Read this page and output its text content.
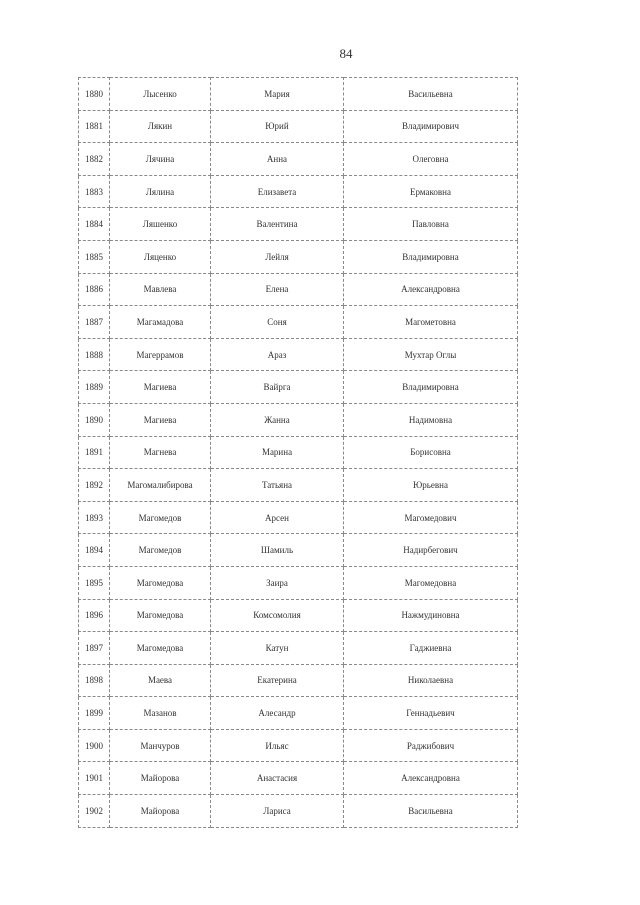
84
1880	Лысенко	Мария	Васильевна
1881	Лякин	Юрий	Владимирович
1882	Лячина	Анна	Олеговна
1883	Лялина	Елизавета	Ермаковна
1884	Ляшенко	Валентина	Павловна
1885	Ляценко	Лейля	Владимировна
1886	Мавлева	Елена	Александровна
1887	Магамадова	Соня	Магометовна
1888	Магеррамов	Араз	Мухтар Оглы
1889	Магиева	Вайрга	Владимировна
1890	Магиева	Жанна	Надимовна
1891	Магнева	Марина	Борисовна
1892	Магомалибирова	Татьяна	Юрьевна
1893	Магомедов	Арсен	Магомедович
1894	Магомедов	Шамиль	Надирбегович
1895	Магомедова	Заира	Магомедовна
1896	Магомедова	Комсомолия	Нажмудиновна
1897	Магомедова	Катун	Гаджиевна
1898	Маева	Екатерина	Николаевна
1899	Мазанов	Алесандр	Геннадьевич
1900	Манчуров	Ильяс	Раджибович
1901	Майорова	Анастасия	Александровна
1902	Майорова	Лариса	Васильевна
